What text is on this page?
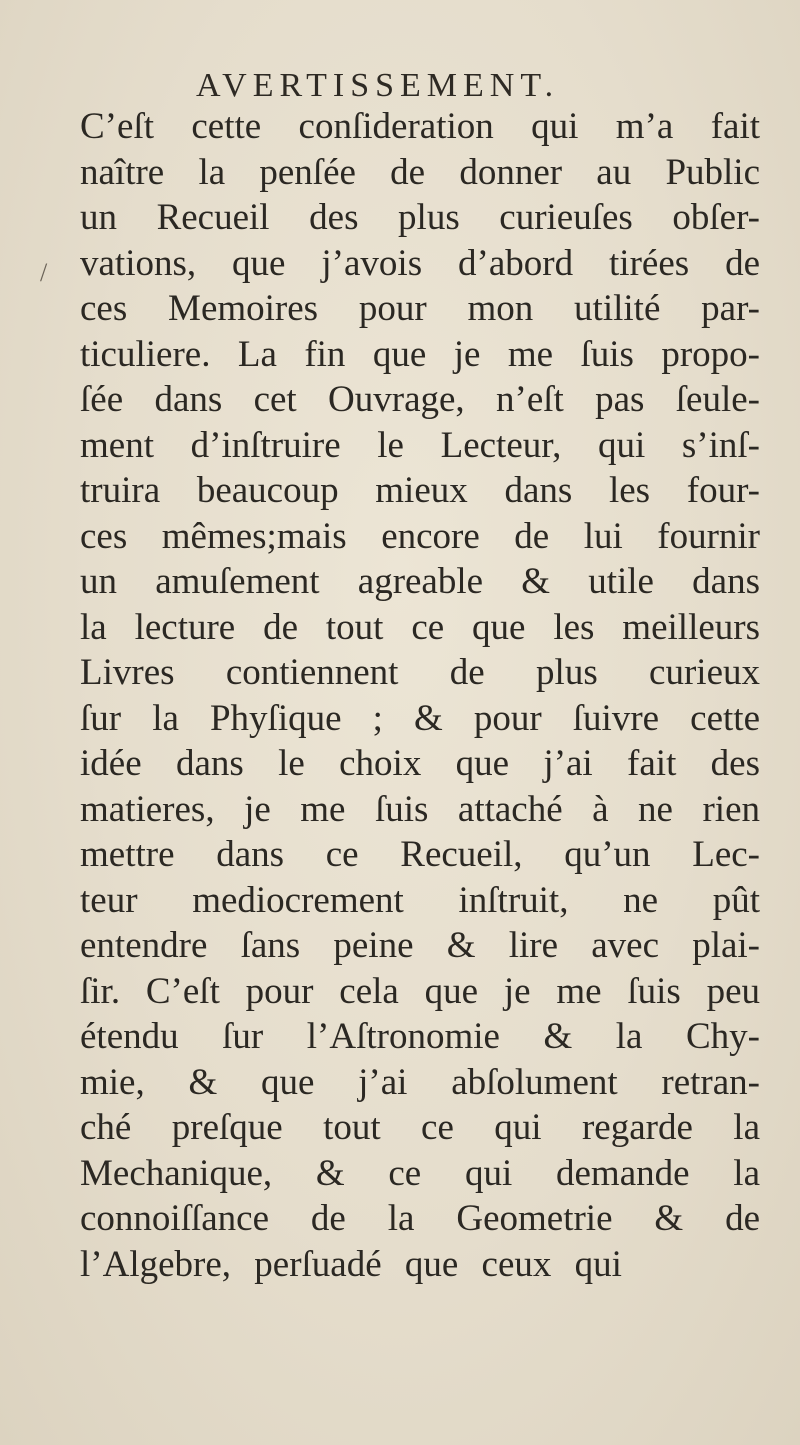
AVERTISSEMENT.
/
C’eſt cette conſideration qui m’a fait
naître la penſée de donner au Public
un Recueil des plus curieuſes obſer-
vations, que j’avois d’abord tirées de
ces Memoires pour mon utilité par-
ticuliere. La fin que je me ſuis propo-
ſée dans cet Ouvrage, n’eſt pas ſeule-
ment d’inſtruire le Lecteur, qui s’inſ-
truira beaucoup mieux dans les four-
ces mêmes;mais encore de lui fournir
un amuſement agreable & utile dans
la lecture de tout ce que les meilleurs
Livres contiennent de plus curieux
ſur la Phyſique ; & pour ſuivre cette
idée dans le choix que j’ai fait des
matieres, je me ſuis attaché à ne rien
mettre dans ce Recueil, qu’un Lec-
teur mediocrement inſtruit, ne pût
entendre ſans peine & lire avec plai-
ſir. C’eſt pour cela que je me ſuis peu
étendu ſur l’Aſtronomie & la Chy-
mie, & que j’ai abſolument retran-
ché preſque tout ce qui regarde la
Mechanique, & ce qui demande la
connoiſſance de la Geometrie & de
l’Algebre, perſuadé que ceux qui
